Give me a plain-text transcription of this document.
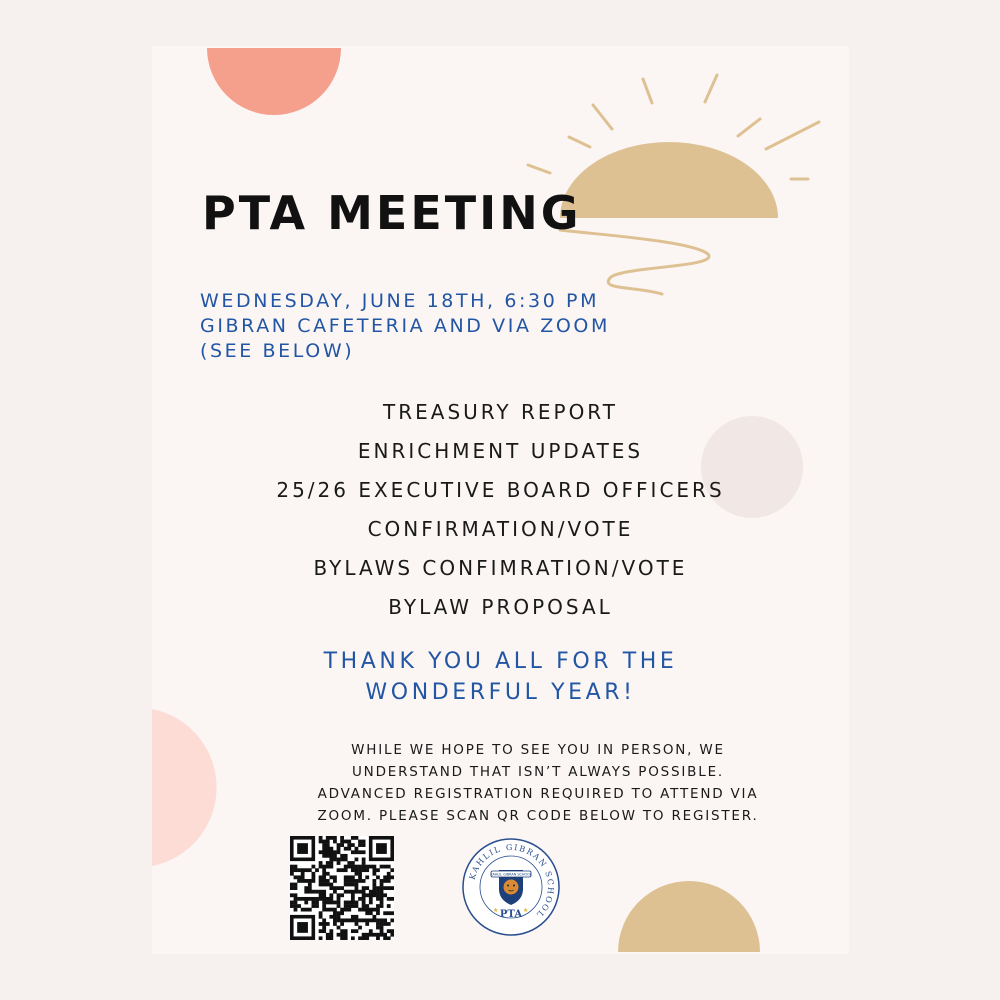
PTA MEETING
WEDNESDAY, JUNE 18TH, 6:30 PM
GIBRAN CAFETERIA AND VIA ZOOM
(SEE BELOW)
TREASURY REPORT
ENRICHMENT UPDATES
25/26 EXECUTIVE BOARD OFFICERS
CONFIRMATION/VOTE
BYLAWS CONFIMRATION/VOTE
BYLAW PROPOSAL
THANK YOU ALL FOR THE
WONDERFUL YEAR!
WHILE WE HOPE TO SEE YOU IN PERSON, WE
UNDERSTAND THAT ISN’T ALWAYS POSSIBLE.
ADVANCED REGISTRATION REQUIRED TO ATTEND VIA
ZOOM. PLEASE SCAN QR CODE BELOW TO REGISTER.
KAHLIL GIBRAN SCHOOL
KAHLIL GIBRAN SCHOOL
★	★
PTA
